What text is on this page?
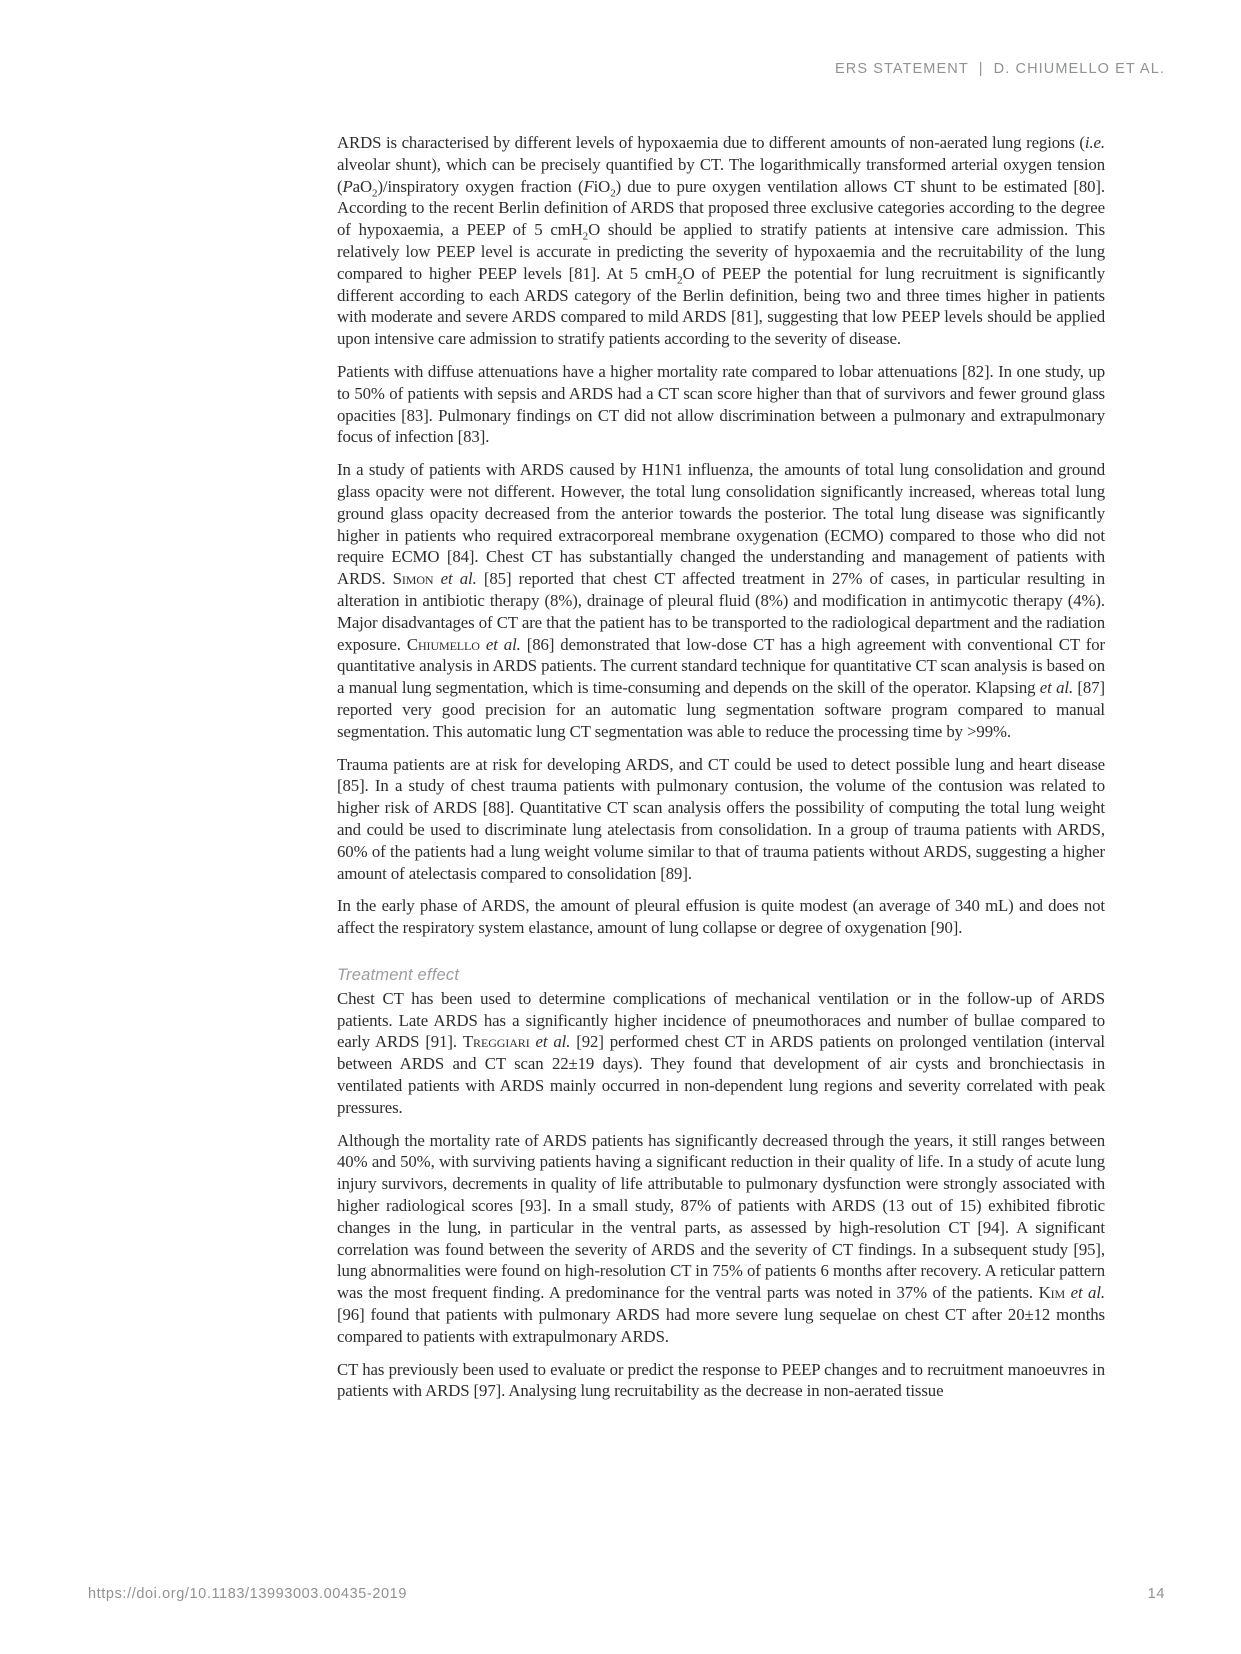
ERS STATEMENT | D. CHIUMELLO ET AL.

ARDS is characterised by different levels of hypoxaemia due to different amounts of non-aerated lung regions (i.e. alveolar shunt), which can be precisely quantified by CT. The logarithmically transformed arterial oxygen tension (PaO$_2$)/inspiratory oxygen fraction (FiO$_2$) due to pure oxygen ventilation allows CT shunt to be estimated [80]. According to the recent Berlin definition of ARDS that proposed three exclusive categories according to the degree of hypoxaemia, a PEEP of 5 cmH$_2$O should be applied to stratify patients at intensive care admission. This relatively low PEEP level is accurate in predicting the severity of hypoxaemia and the recruitability of the lung compared to higher PEEP levels [81]. At 5 cmH$_2$O of PEEP the potential for lung recruitment is significantly different according to each ARDS category of the Berlin definition, being two and three times higher in patients with moderate and severe ARDS compared to mild ARDS [81], suggesting that low PEEP levels should be applied upon intensive care admission to stratify patients according to the severity of disease.

Patients with diffuse attenuations have a higher mortality rate compared to lobar attenuations [82]. In one study, up to 50% of patients with sepsis and ARDS had a CT scan score higher than that of survivors and fewer ground glass opacities [83]. Pulmonary findings on CT did not allow discrimination between a pulmonary and extrapulmonary focus of infection [83].

In a study of patients with ARDS caused by H1N1 influenza, the amounts of total lung consolidation and ground glass opacity were not different. However, the total lung consolidation significantly increased, whereas total lung ground glass opacity decreased from the anterior towards the posterior. The total lung disease was significantly higher in patients who required extracorporeal membrane oxygenation (ECMO) compared to those who did not require ECMO [84]. Chest CT has substantially changed the understanding and management of patients with ARDS. Simon et al. [85] reported that chest CT affected treatment in 27% of cases, in particular resulting in alteration in antibiotic therapy (8%), drainage of pleural fluid (8%) and modification in antimycotic therapy (4%). Major disadvantages of CT are that the patient has to be transported to the radiological department and the radiation exposure. Chiumello et al. [86] demonstrated that low-dose CT has a high agreement with conventional CT for quantitative analysis in ARDS patients. The current standard technique for quantitative CT scan analysis is based on a manual lung segmentation, which is time-consuming and depends on the skill of the operator. Klapsing et al. [87] reported very good precision for an automatic lung segmentation software program compared to manual segmentation. This automatic lung CT segmentation was able to reduce the processing time by >99%.

Trauma patients are at risk for developing ARDS, and CT could be used to detect possible lung and heart disease [85]. In a study of chest trauma patients with pulmonary contusion, the volume of the contusion was related to higher risk of ARDS [88]. Quantitative CT scan analysis offers the possibility of computing the total lung weight and could be used to discriminate lung atelectasis from consolidation. In a group of trauma patients with ARDS, 60% of the patients had a lung weight volume similar to that of trauma patients without ARDS, suggesting a higher amount of atelectasis compared to consolidation [89].

In the early phase of ARDS, the amount of pleural effusion is quite modest (an average of 340 mL) and does not affect the respiratory system elastance, amount of lung collapse or degree of oxygenation [90].

Treatment effect

Chest CT has been used to determine complications of mechanical ventilation or in the follow-up of ARDS patients. Late ARDS has a significantly higher incidence of pneumothoraces and number of bullae compared to early ARDS [91]. Treggiari et al. [92] performed chest CT in ARDS patients on prolonged ventilation (interval between ARDS and CT scan 22±19 days). They found that development of air cysts and bronchiectasis in ventilated patients with ARDS mainly occurred in non-dependent lung regions and severity correlated with peak pressures.

Although the mortality rate of ARDS patients has significantly decreased through the years, it still ranges between 40% and 50%, with surviving patients having a significant reduction in their quality of life. In a study of acute lung injury survivors, decrements in quality of life attributable to pulmonary dysfunction were strongly associated with higher radiological scores [93]. In a small study, 87% of patients with ARDS (13 out of 15) exhibited fibrotic changes in the lung, in particular in the ventral parts, as assessed by high-resolution CT [94]. A significant correlation was found between the severity of ARDS and the severity of CT findings. In a subsequent study [95], lung abnormalities were found on high-resolution CT in 75% of patients 6 months after recovery. A reticular pattern was the most frequent finding. A predominance for the ventral parts was noted in 37% of the patients. Kim et al. [96] found that patients with pulmonary ARDS had more severe lung sequelae on chest CT after 20±12 months compared to patients with extrapulmonary ARDS.

CT has previously been used to evaluate or predict the response to PEEP changes and to recruitment manoeuvres in patients with ARDS [97]. Analysing lung recruitability as the decrease in non-aerated tissue

https://doi.org/10.1183/13993003.00435-2019	14
